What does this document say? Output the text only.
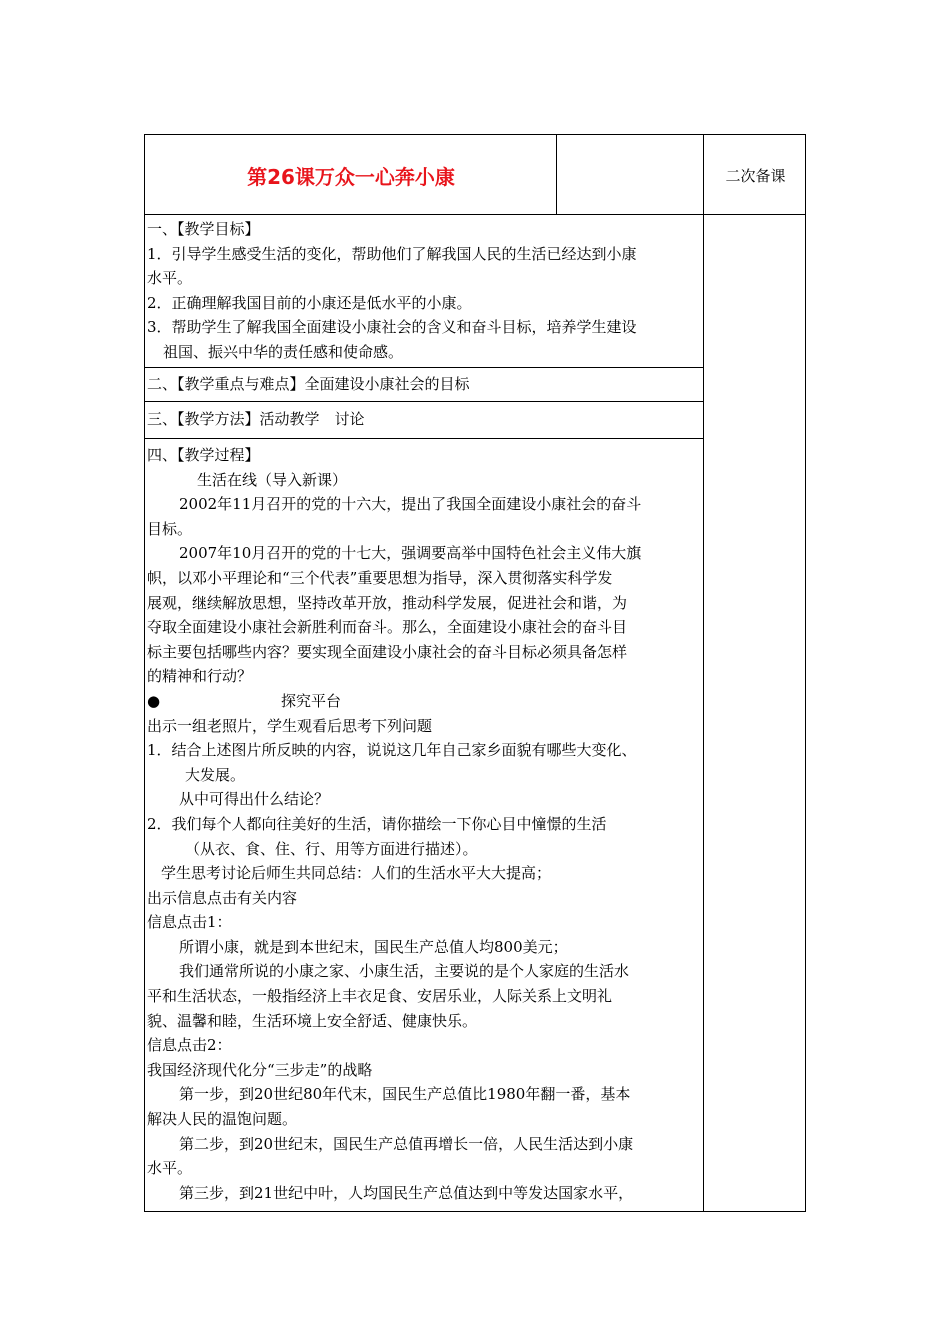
第26课万众一心奔小康	二次备课
一、【教学目标】
1．引导学生感受生活的变化，帮助他们了解我国人民的生活已经达到小康
水平。
2．正确理解我国目前的小康还是低水平的小康。
3．帮助学生了解我国全面建设小康社会的含义和奋斗目标，培养学生建设
祖国、振兴中华的责任感和使命感。
二、【教学重点与难点】全面建设小康社会的目标
三、【教学方法】活动教学　讨论
四、【教学过程】
生活在线（导入新课）
2002年11月召开的党的十六大，提出了我国全面建设小康社会的奋斗
目标。
2007年10月召开的党的十七大，强调要高举中国特色社会主义伟大旗
帜，以邓小平理论和“三个代表”重要思想为指导，深入贯彻落实科学发
展观，继续解放思想，坚持改革开放，推动科学发展，促进社会和谐，为
夺取全面建设小康社会新胜利而奋斗。那么，全面建设小康社会的奋斗目
标主要包括哪些内容？要实现全面建设小康社会的奋斗目标必须具备怎样
的精神和行动？
●	探究平台
出示一组老照片，学生观看后思考下列问题
1．结合上述图片所反映的内容，说说这几年自己家乡面貌有哪些大变化、
大发展。
从中可得出什么结论？
2．我们每个人都向往美好的生活，请你描绘一下你心目中憧憬的生活
（从衣、食、住、行、用等方面进行描述）。
学生思考讨论后师生共同总结：人们的生活水平大大提高；
出示信息点击有关内容
信息点击1：
所谓小康，就是到本世纪末，国民生产总值人均800美元；
我们通常所说的小康之家、小康生活，主要说的是个人家庭的生活水
平和生活状态，一般指经济上丰衣足食、安居乐业，人际关系上文明礼
貌、温馨和睦，生活环境上安全舒适、健康快乐。
信息点击2：
我国经济现代化分“三步走”的战略
第一步，到20世纪80年代末，国民生产总值比1980年翻一番，基本
解决人民的温饱问题。
第二步，到20世纪末，国民生产总值再增长一倍，人民生活达到小康
水平。
第三步，到21世纪中叶，人均国民生产总值达到中等发达国家水平，
